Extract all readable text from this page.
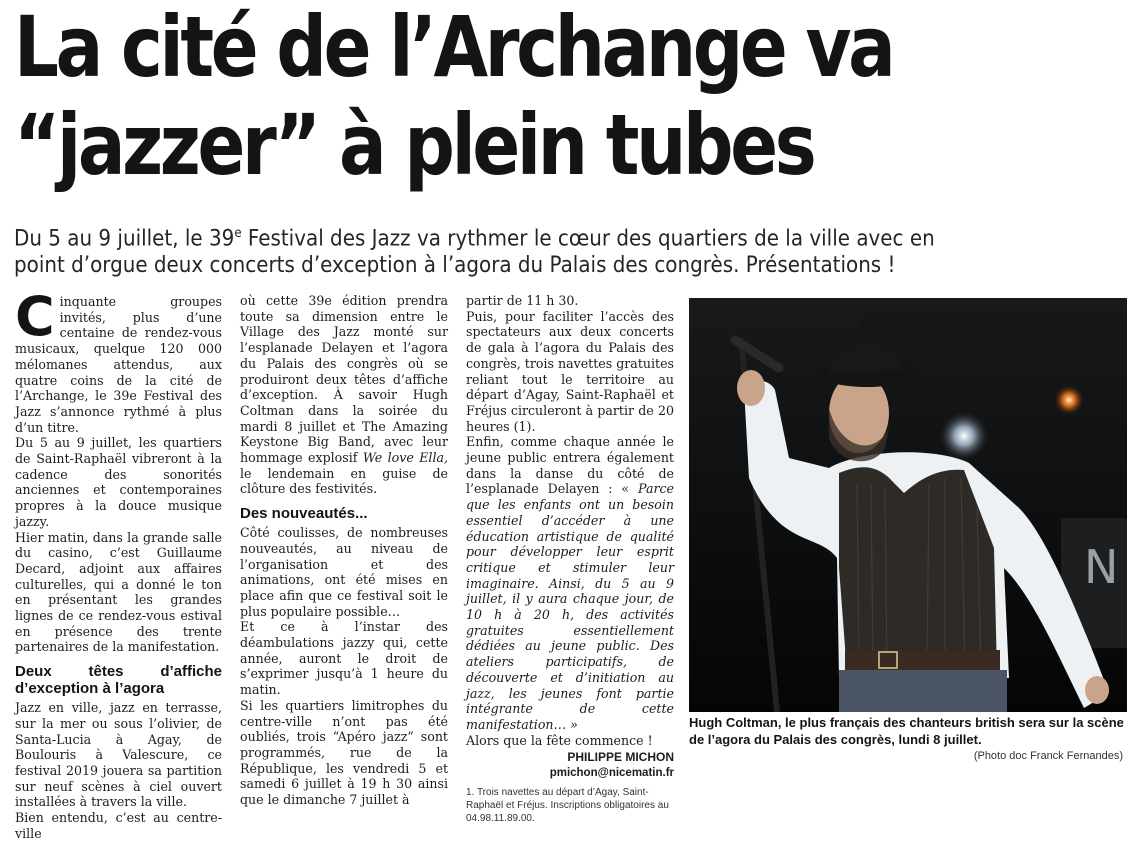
La cité de l’Archange va
“jazzer” à plein tubes
Du 5 au 9 juillet, le 39e Festival des Jazz va rythmer le cœur des quartiers de la ville avec en
point d’orgue deux concerts d’exception à l’agora du Palais des congrès. Présentations !

Cinquante groupes invités, plus d’une centaine de rendez-vous musicaux, quelque 120 000 mélomanes attendus, aux quatre coins de la cité de l’Archange, le 39e Festival des Jazz s’annonce rythmé à plus d’un titre.

Du 5 au 9 juillet, les quartiers de Saint-Raphaël vibreront à la cadence des sonorités anciennes et contemporaines propres à la douce musique jazzy.

Hier matin, dans la grande salle du casino, c’est Guillaume Decard, adjoint aux affaires culturelles, qui a donné le ton en présentant les grandes lignes de ce rendez-vous estival en présence des trente partenaires de la manifestation.

Deux têtes d’affiche d’exception à l’agora

Jazz en ville, jazz en terrasse, sur la mer ou sous l’olivier, de Santa-Lucia à Agay, de Boulouris à Valescure, ce festival 2019 jouera sa partition sur neuf scènes à ciel ouvert installées à travers la ville.

Bien entendu, c’est au centre-ville

où cette 39e édition prendra toute sa dimension entre le Village des Jazz monté sur l’esplanade Delayen et l’agora du Palais des congrès où se produiront deux têtes d’affiche d’exception. À savoir Hugh Coltman dans la soirée du mardi 8 juillet et The Amazing Keystone Big Band, avec leur hommage explosif We love Ella, le lendemain en guise de clôture des festivités.

Des nouveautés...

Côté coulisses, de nombreuses nouveautés, au niveau de l’organisation et des animations, ont été mises en place afin que ce festival soit le plus populaire possible…

Et ce à l’instar des déambulations jazzy qui, cette année, auront le droit de s’exprimer jusqu’à 1 heure du matin.

Si les quartiers limitrophes du centre-ville n’ont pas été oubliés, trois “Apéro jazz” sont programmés, rue de la République, les vendredi 5 et samedi 6 juillet à 19 h 30 ainsi que le dimanche 7 juillet à

partir de 11 h 30.

Puis, pour faciliter l’accès des spectateurs aux deux concerts de gala à l’agora du Palais des congrès, trois navettes gratuites reliant tout le territoire au départ d’Agay, Saint-Raphaël et Fréjus circuleront à partir de 20 heures (1).

Enfin, comme chaque année le jeune public entrera également dans la danse du côté de l’esplanade Delayen : « Parce que les enfants ont un besoin essentiel d’accéder à une éducation artistique de qualité pour développer leur esprit critique et stimuler leur imaginaire. Ainsi, du 5 au 9 juillet, il y aura chaque jour, de 10 h à 20 h, des activités gratuites essentiellement dédiées au jeune public. Des ateliers participatifs, de découverte et d’initiation au jazz, les jeunes font partie intégrante de cette manifestation… »

Alors que la fête commence !

PHILIPPE MICHON
pmichon@nicematin.fr
1. Trois navettes au départ d’Agay, Saint-Raphaël et Fréjus. Inscriptions obligatoires au 04.98.11.89.00.
N
Hugh Coltman, le plus français des chanteurs british sera sur la scène de l’agora du Palais des congrès, lundi 8 juillet.
(Photo doc Franck Fernandes)
